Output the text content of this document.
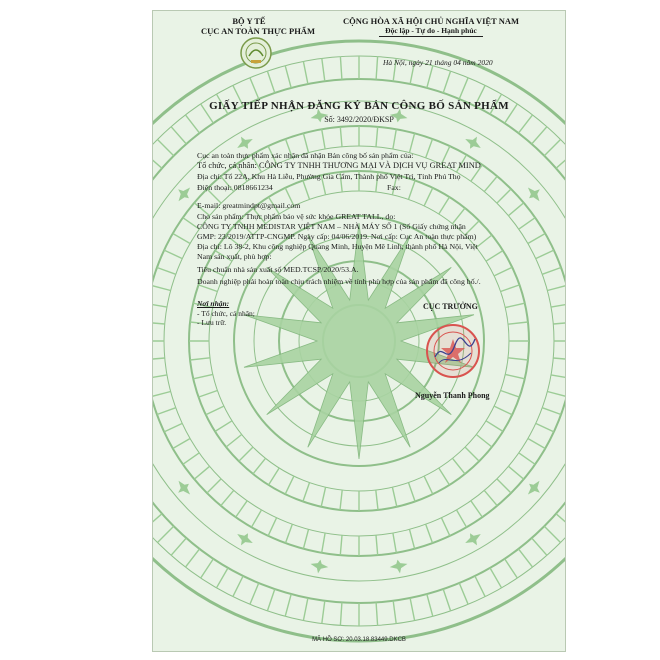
BỘ Y TẾ
CỤC AN TOÀN THỰC PHẨM
CỘNG HÒA XÃ HỘI CHỦ NGHĨA VIỆT NAM
Độc lập - Tự do - Hạnh phúc
Hà Nội, ngày 21 tháng 04 năm 2020
GIẤY TIẾP NHẬN ĐĂNG KÝ BẢN CÔNG BỐ SẢN PHẨM
Số: 3492/2020/ĐKSP
Cục an toàn thực phẩm xác nhận đã nhận Bản công bố sản phẩm của:
Tổ chức, cá nhân: CÔNG TY TNHH THƯƠNG MẠI VÀ DỊCH VỤ GREAT MIND
Địa chỉ: Tổ 22A, Khu Hà Liễu, Phường Gia Cẩm, Thành phố Việt Trì, Tỉnh Phú Thọ
Điện thoại: 0818661234	Fax:
E-mail: greatmindpt@gmail.com
Cho sản phẩm: Thực phẩm bảo vệ sức khỏe GREAT TALL, do:
CÔNG TY TNHH MEDISTAR VIỆT NAM – NHÀ MÁY SỐ 1 (Số Giấy chứng nhận
GMP: 23/2019/ATTP-CNGMP. Ngày cấp: 04/06/2019. Nơi cấp: Cục An toàn thực phẩm)
Địa chỉ: Lô 38-2, Khu công nghiệp Quang Minh, Huyện Mê Linh, thành phố Hà Nội, Việt
Nam sản xuất, phù hợp:
Tiêu chuẩn nhà sản xuất số MED.TCSP/2020/53.A.
Doanh nghiệp phải hoàn toàn chịu trách nhiệm về tính phù hợp của sản phẩm đã công bố./.
Nơi nhận:
- Tổ chức, cá nhân;
- Lưu trữ.
CỤC TRƯỞNG
Nguyễn Thanh Phong
MÃ HỒ SƠ: 20.03.18.83449.DKCB
